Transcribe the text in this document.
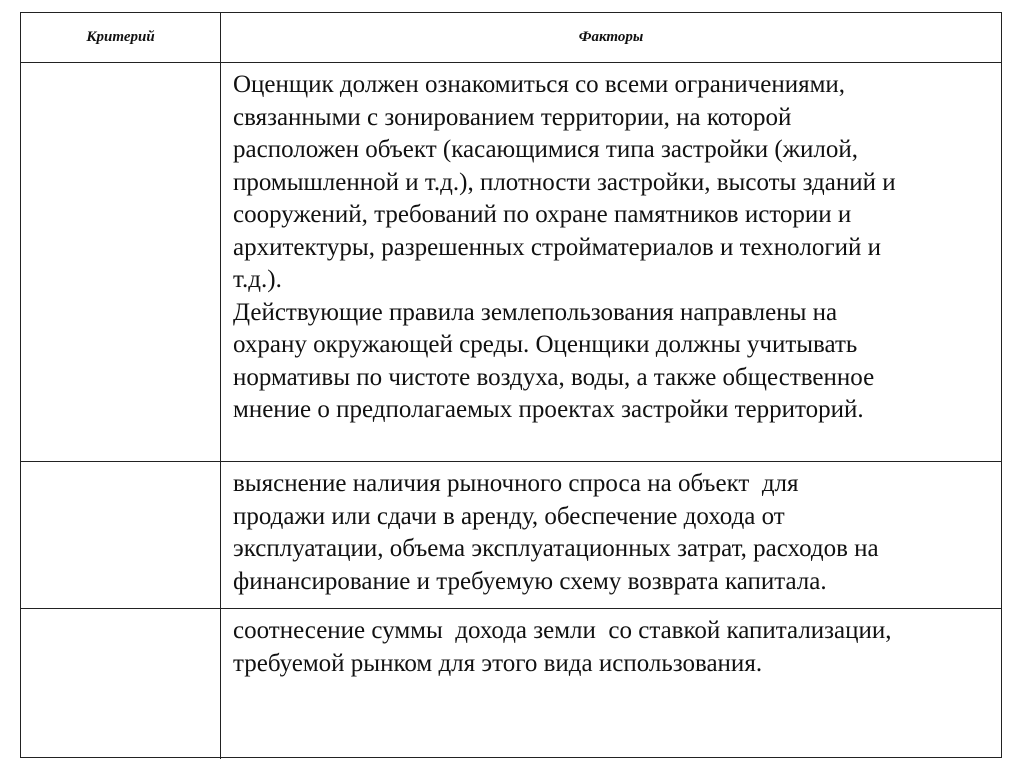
Критерий	Факторы

Оценщик должен ознакомиться со всеми ограничениями,
связанными с зонированием территории, на которой
расположен объект (касающимися типа застройки (жилой,
промышленной и т.д.), плотности застройки, высоты зданий и
сооружений, требований по охране памятников истории и
архитектуры, разрешенных стройматериалов и технологий и
т.д.).
Действующие правила землепользования направлены на
охрану окружающей среды. Оценщики должны учитывать
нормативы по чистоте воздуха, воды, а также общественное
мнение о предполагаемых проектах застройки территорий.

выяснение наличия рыночного спроса на объект  для
продажи или сдачи в аренду, обеспечение дохода от
эксплуатации, объема эксплуатационных затрат, расходов на
финансирование и требуемую схему возврата капитала.

соотнесение суммы  дохода земли  со ставкой капитализации,
требуемой рынком для этого вида использования.
